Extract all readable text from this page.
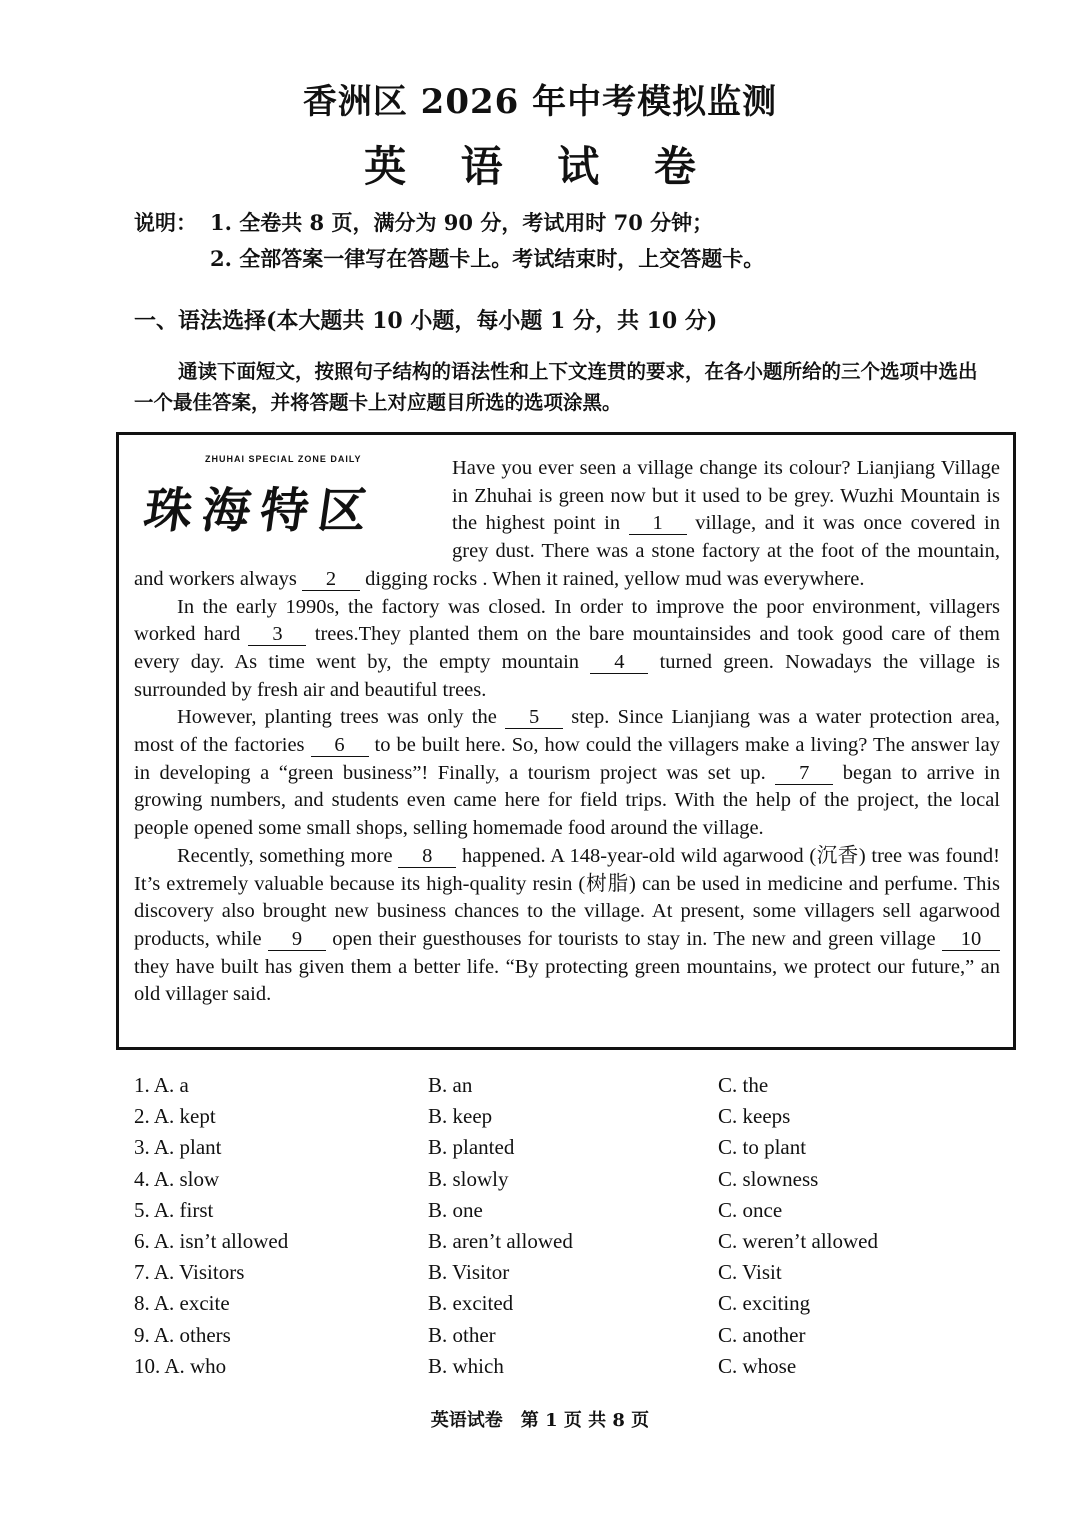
香洲区 2026 年中考模拟监测
英 语 试 卷
说明： 1. 全卷共 8 页，满分为 90 分，考试用时 70 分钟；
2. 全部答案一律写在答题卡上。考试结束时，上交答题卡。
一、语法选择(本大题共 10 小题，每小题 1 分，共 10 分)
通读下面短文，按照句子结构的语法性和上下文连贯的要求，在各小题所给的三个选项中选出一个最佳答案，并将答题卡上对应题目所选的选项涂黑。
ZHUHAI SPECIAL ZONE DAILY
珠海特区

Have you ever seen a village change its colour? Lianjiang Village in Zhuhai is green now but it used to be grey. Wuzhi Mountain is the highest point in 1 village, and it was once covered in grey dust. There was a stone factory at the foot of the mountain, and workers always 2 digging rocks . When it rained, yellow mud was everywhere.

In the early 1990s, the factory was closed. In order to improve the poor environment, villagers worked hard 3 trees.They planted them on the bare mountainsides and took good care of them every day. As time went by, the empty mountain 4 turned green. Nowadays the village is surrounded by fresh air and beautiful trees.

However, planting trees was only the 5 step. Since Lianjiang was a water protection area, most of the factories 6 to be built here. So, how could the villagers make a living? The answer lay in developing a “green business”! Finally, a tourism project was set up. 7 began to arrive in growing numbers, and students even came here for field trips. With the help of the project, the local people opened some small shops, selling homemade food around the village.

Recently, something more 8 happened. A 148-year-old wild agarwood (沉香) tree was found! It’s extremely valuable because its high-quality resin (树脂) can be used in medicine and perfume. This discovery also brought new business chances to the village. At present, some villagers sell agarwood products, while 9 open their guesthouses for tourists to stay in. The new and green village 10 they have built has given them a better life. “By protecting green mountains, we protect our future,” an old villager said.

1. A. a	B. an	C. the
2. A. kept	B. keep	C. keeps
3. A. plant	B. planted	C. to plant
4. A. slow	B. slowly	C. slowness
5. A. first	B. one	C. once
6. A. isn’t allowed	B. aren’t allowed	C. weren’t allowed
7. A. Visitors	B. Visitor	C. Visit
8. A. excite	B. excited	C. exciting
9. A. others	B. other	C. another
10. A. who	B. which	C. whose
英语试卷　第 1 页 共 8 页
